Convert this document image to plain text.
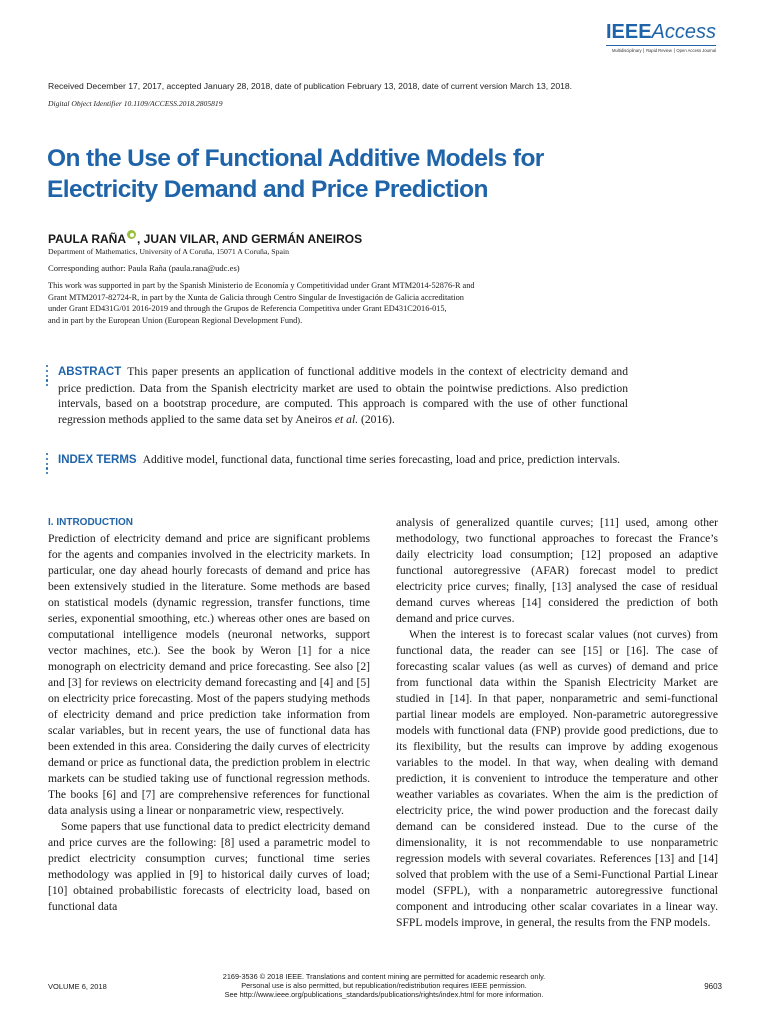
IEEEAccess
Multidisciplinary ⎮ Rapid Review ⎮ Open Access Journal
Received December 17, 2017, accepted January 28, 2018, date of publication February 13, 2018, date of current version March 13, 2018.
Digital Object Identifier 10.1109/ACCESS.2018.2805819
On the Use of Functional Additive Models for
Electricity Demand and Price Prediction
PAULA RAÑA , JUAN VILAR, AND GERMÁN ANEIROS
Department of Mathematics, University of A Coruña, 15071 A Coruña, Spain
Corresponding author: Paula Raña (paula.rana@udc.es)
This work was supported in part by the Spanish Ministerio de Economía y Competitividad under Grant MTM2014-52876-R and
Grant MTM2017-82724-R, in part by the Xunta de Galicia through Centro Singular de Investigación de Galicia accreditation
under Grant ED431G/01 2016-2019 and through the Grupos de Referencia Competitiva under Grant ED431C2016-015,
and in part by the European Union (European Regional Development Fund).
ABSTRACT This paper presents an application of functional additive models in the context of electricity demand and price prediction. Data from the Spanish electricity market are used to obtain the pointwise predictions. Also prediction intervals, based on a bootstrap procedure, are computed. This approach is compared with the use of other functional regression methods applied to the same data set by Aneiros et al. (2016).
INDEX TERMS Additive model, functional data, functional time series forecasting, load and price, prediction intervals.
I. INTRODUCTION

Prediction of electricity demand and price are significant problems for the agents and companies involved in the electricity markets. In particular, one day ahead hourly forecasts of demand and price has been extensively studied in the literature. Some methods are based on statistical models (dynamic regression, transfer functions, time series, exponential smoothing, etc.) whereas other ones are based on computational intelligence models (neuronal networks, support vector machines, etc.). See the book by Weron [1] for a nice monograph on electricity demand and price forecasting. See also [2] and [3] for reviews on electricity demand forecasting and [4] and [5] on electricity price forecasting. Most of the papers studying methods of electricity demand and price prediction take information from scalar variables, but in recent years, the use of functional data has been extended in this area. Considering the daily curves of electricity demand or price as functional data, the prediction problem in electric markets can be studied taking use of functional regression methods. The books [6] and [7] are comprehensive references for functional data analysis using a linear or nonparametric view, respectively.

Some papers that use functional data to predict electricity demand and price curves are the following: [8] used a parametric model to predict electricity consumption curves; functional time series methodology was applied in [9] to historical daily curves of load; [10] obtained probabilistic forecasts of electricity load, based on functional data

analysis of generalized quantile curves; [11] used, among other methodology, two functional approaches to forecast the France’s daily electricity load consumption; [12] proposed an adaptive functional autoregressive (AFAR) forecast model to predict electricity price curves; finally, [13] analysed the case of residual demand curves whereas [14] considered the prediction of both demand and price curves.

When the interest is to forecast scalar values (not curves) from functional data, the reader can see [15] or [16]. The case of forecasting scalar values (as well as curves) of demand and price from functional data within the Spanish Electricity Market are studied in [14]. In that paper, nonparametric and semi-functional partial linear models are employed. Non-parametric autoregressive models with functional data (FNP) provide good predictions, due to its flexibility, but the results can improve by adding exogenous variables to the model. In that way, when dealing with demand prediction, it is convenient to introduce the temperature and other weather variables as covariates. When the aim is the prediction of electricity price, the wind power production and the forecast daily demand can be considered instead. Due to the curse of the dimensionality, it is not recommendable to use nonparametric regression models with several covariates. References [13] and [14] solved that problem with the use of a Semi-Functional Partial Linear model (SFPL), with a nonparametric autoregressive functional component and introducing other scalar covariates in a linear way. SFPL models improve, in general, the results from the FNP models.

VOLUME 6, 2018
2169-3536 © 2018 IEEE. Translations and content mining are permitted for academic research only.
Personal use is also permitted, but republication/redistribution requires IEEE permission.
See http://www.ieee.org/publications_standards/publications/rights/index.html for more information.
9603
